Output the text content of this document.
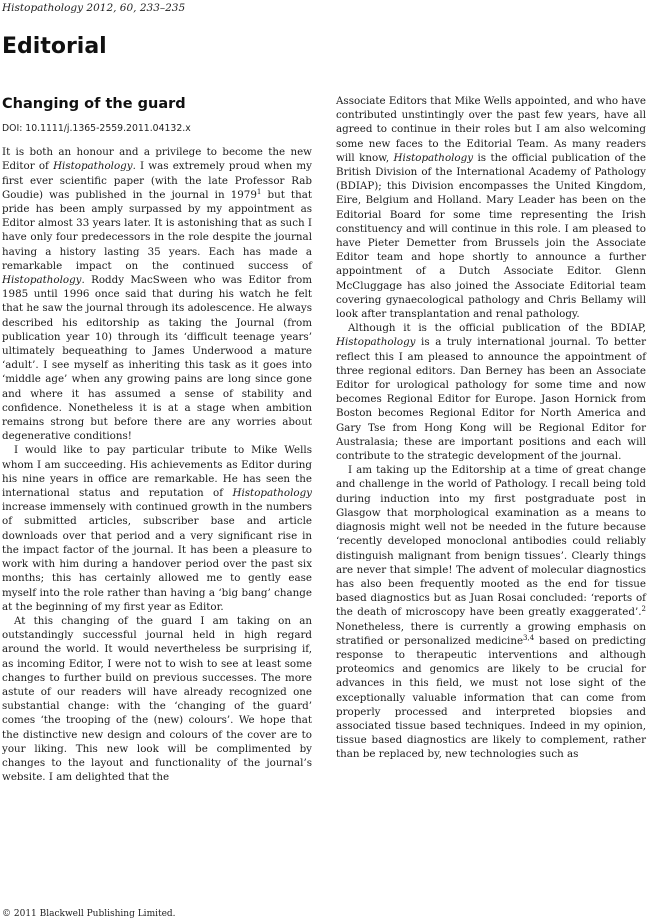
Histopathology 2012, 60, 233–235
Editorial
Changing of the guard
DOI: 10.1111/j.1365-2559.2011.04132.x

It is both an honour and a privilege to become the new Editor of Histopathology. I was extremely proud when my first ever scientific paper (with the late Professor Rab Goudie) was published in the journal in 1979$^1$ but that pride has been amply surpassed by my appointment as Editor almost 33 years later. It is astonishing that as such I have only four predecessors in the role despite the journal having a history lasting 35 years. Each has made a remarkable impact on the continued success of Histopathology. Roddy MacSween who was Editor from 1985 until 1996 once said that during his watch he felt that he saw the journal through its adolescence. He always described his editorship as taking the Journal (from publication year 10) through its ‘difficult teenage years’ ultimately bequeathing to James Underwood a mature ‘adult’. I see myself as inheriting this task as it goes into ‘middle age’ when any growing pains are long since gone and where it has assumed a sense of stability and confidence. Nonetheless it is at a stage when ambition remains strong but before there are any worries about degenerative conditions!

I would like to pay particular tribute to Mike Wells whom I am succeeding. His achievements as Editor during his nine years in office are remarkable. He has seen the international status and reputation of Histopathology increase immensely with continued growth in the numbers of submitted articles, subscriber base and article downloads over that period and a very significant rise in the impact factor of the journal. It has been a pleasure to work with him during a handover period over the past six months; this has certainly allowed me to gently ease myself into the role rather than having a ‘big bang’ change at the beginning of my first year as Editor.

At this changing of the guard I am taking on an outstandingly successful journal held in high regard around the world. It would nevertheless be surprising if, as incoming Editor, I were not to wish to see at least some changes to further build on previous successes. The more astute of our readers will have already recognized one substantial change: with the ‘changing of the guard’ comes ‘the trooping of the (new) colours’. We hope that the distinctive new design and colours of the cover are to your liking. This new look will be complimented by changes to the layout and functionality of the journal’s website. I am delighted that the

Associate Editors that Mike Wells appointed, and who have contributed unstintingly over the past few years, have all agreed to continue in their roles but I am also welcoming some new faces to the Editorial Team. As many readers will know, Histopathology is the official publication of the British Division of the International Academy of Pathology (BDIAP); this Division encompasses the United Kingdom, Eire, Belgium and Holland. Mary Leader has been on the Editorial Board for some time representing the Irish constituency and will continue in this role. I am pleased to have Pieter Demetter from Brussels join the Associate Editor team and hope shortly to announce a further appointment of a Dutch Associate Editor. Glenn McCluggage has also joined the Associate Editorial team covering gynaecological pathology and Chris Bellamy will look after transplantation and renal pathology.

Although it is the official publication of the BDIAP, Histopathology is a truly international journal. To better reflect this I am pleased to announce the appointment of three regional editors. Dan Berney has been an Associate Editor for urological pathology for some time and now becomes Regional Editor for Europe. Jason Hornick from Boston becomes Regional Editor for North America and Gary Tse from Hong Kong will be Regional Editor for Australasia; these are important positions and each will contribute to the strategic development of the journal.

I am taking up the Editorship at a time of great change and challenge in the world of Pathology. I recall being told during induction into my first postgraduate post in Glasgow that morphological examination as a means to diagnosis might well not be needed in the future because ‘recently developed monoclonal antibodies could reliably distinguish malignant from benign tissues’. Clearly things are never that simple! The advent of molecular diagnostics has also been frequently mooted as the end for tissue based diagnostics but as Juan Rosai concluded: ‘reports of the death of microscopy have been greatly exaggerated’.$^2$ Nonetheless, there is currently a growing emphasis on stratified or personalized medicine$^{3,4}$ based on predicting response to therapeutic interventions and although proteomics and genomics are likely to be crucial for advances in this field, we must not lose sight of the exceptionally valuable information that can come from properly processed and interpreted biopsies and associated tissue based techniques. Indeed in my opinion, tissue based diagnostics are likely to complement, rather than be replaced by, new technologies such as

© 2011 Blackwell Publishing Limited.
